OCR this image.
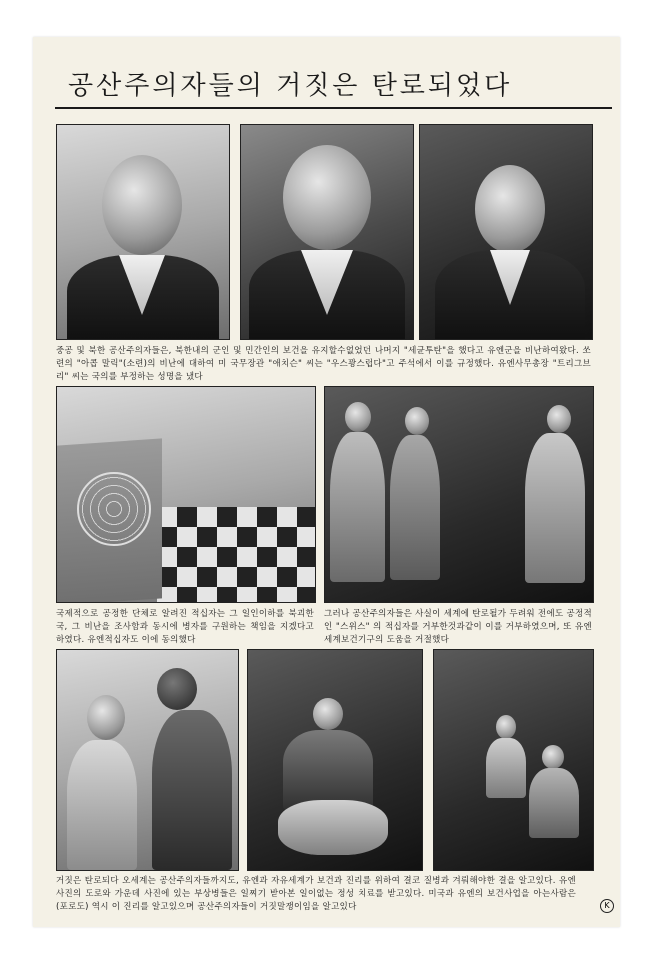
공산주의자들의 거짓은 탄로되었다
중공 및 북한 공산주의자들은, 북한내의 군인 및 민간인의 보건을 유지할수없었던 나머지 "세균투탄"을 했다고 유엔군을 비난하여왔다. 쏘련의 "아콥 말릭"(소련)의 비난에 대하여 미 국무장관 "애치슨" 씨는 "우스꽝스럽다"고 주석에서 이를 규정했다. 유엔사무총장 "트리그브 리" 씨는 국의를 부정하는 성명을 냈다
국제적으로 공정한 단체로 알려진 적십자는 그 일인이하를 북괴한국, 그 비난을 조사함과 동시에 병자를 구원하는 책임을 지겠다고 하였다. 유엔적십자도 이에 동의했다
그러나 공산주의자들은 사실이 세계에 탄로될가 두려워 전에도 공정적인 "스위스" 의 적십자를 거부한것과같이 이를 거부하였으며, 또 유엔세계보건기구의 도움을 거절했다
거짓은 탄로되다 오세계는 공산주의자들까지도, 유엔과 자유세계가 보건과 진리를 위하여 결코 질병과 겨뤄해야한 결을 알고있다. 유엔 사진의 도로와 가운데 사진에 있는 부상병들은 일찌기 받아본 일이없는 정성 치료를 받고있다. 미국과 유엔의 보건사업을 아는사람은 (포로도) 역시 이 진리를 알고있으며 공산주의자들이 거짓말쟁이임을 알고있다	K
